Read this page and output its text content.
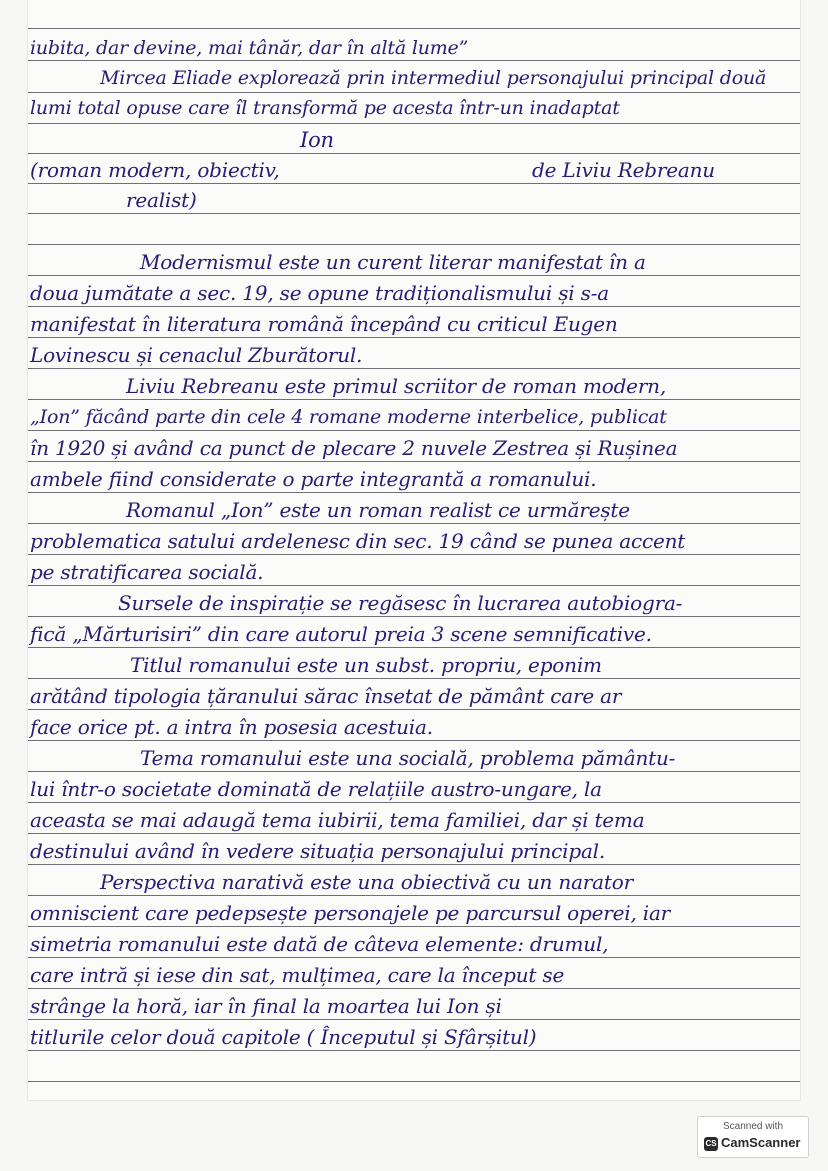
iubita, dar devine, mai tânăr, dar în altă lume”
Mircea Eliade explorează prin intermediul personajului principal două
lumi total opuse care îl transformă pe acesta într-un inadaptat
Ion
(roman modern, obiectiv,	de Liviu Rebreanu
realist)
Modernismul este un curent literar manifestat în a
doua jumătate a sec. 19, se opune tradiționalismului și s-a
manifestat în literatura română începând cu criticul Eugen
Lovinescu și cenaclul Zburătorul.
Liviu Rebreanu este primul scriitor de roman modern,
„Ion” făcând parte din cele 4 romane moderne interbelice, publicat
în 1920 și având ca punct de plecare 2 nuvele Zestrea și Rușinea
ambele fiind considerate o parte integrantă a romanului.
Romanul „Ion” este un roman realist ce urmărește
problematica satului ardelenesc din sec. 19 când se punea accent
pe stratificarea socială.
Sursele de inspirație se regăsesc în lucrarea autobiogra-
fică „Mărturisiri” din care autorul preia 3 scene semnificative.
Titlul romanului este un subst. propriu, eponim
arătând tipologia țăranului sărac însetat de pământ care ar
face orice pt. a intra în posesia acestuia.
Tema romanului este una socială, problema pământu-
lui într-o societate dominată de relațiile austro-ungare, la
aceasta se mai adaugă tema iubirii, tema familiei, dar și tema
destinului având în vedere situația personajului principal.
Perspectiva narativă este una obiectivă cu un narator
omniscient care pedepsește personajele pe parcursul operei, iar
simetria romanului este dată de câteva elemente: drumul,
care intră și iese din sat, mulțimea, care la început se
strânge la horă, iar în final la moartea lui Ion și
titlurile celor două capitole ( Începutul și Sfârșitul)
Scanned with
CS CamScanner
